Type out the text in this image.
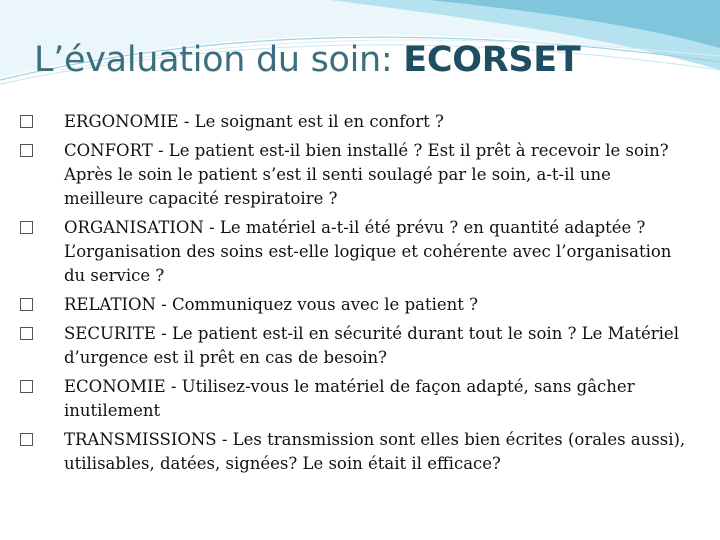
L’évaluation du soin: ECORSET
ERGONOMIE - Le soignant est il en confort ?
CONFORT - Le patient est-il bien installé ? Est il prêt à recevoir le soin? Après le soin le patient s’est il senti soulagé par le soin, a-t-il une meilleure capacité respiratoire ?
ORGANISATION - Le matériel a-t-il été prévu ? en quantité adaptée ? L’organisation des soins est-elle logique et cohérente avec l’organisation du service ?
RELATION - Communiquez vous avec le patient ?
SECURITE - Le patient est-il en sécurité durant tout le soin ? Le Matériel d’urgence est il prêt en cas de besoin?
ECONOMIE - Utilisez-vous le matériel de façon adapté, sans gâcher inutilement
TRANSMISSIONS - Les transmission sont elles bien écrites (orales aussi), utilisables, datées, signées? Le soin était il efficace?
